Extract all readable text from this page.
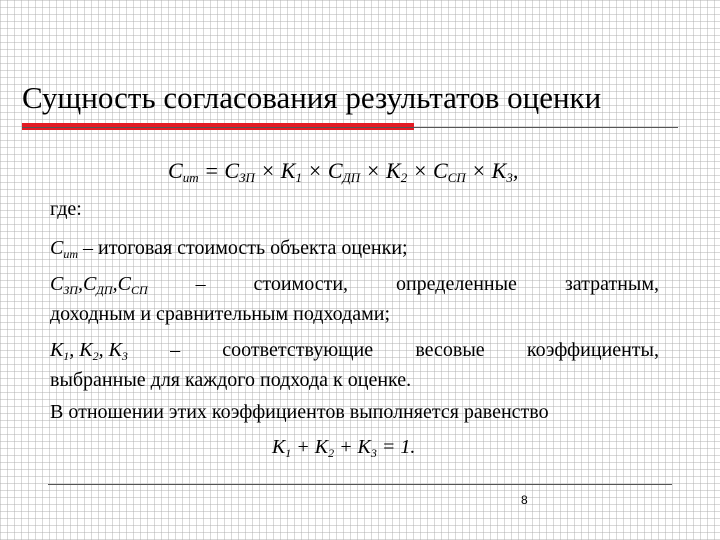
Сущность согласования результатов оценки
$C_{ит} = C_{ЗП} \times K_1 \times C_{ДП} \times K_2 \times C_{СП} \times K_3$,
где:
$С_{ит}$ – итоговая стоимость объекта оценки;
$С_{ЗП},С_{ДП},С_{СП}$ – стоимости, определенные затратным,
доходным и сравнительным подходами;
$К_1$, $К_2$, $К_3$ – соответствующие весовые коэффициенты,
выбранные для каждого подхода к оценке.
В отношении этих коэффициентов выполняется равенство
$К_1 + К_2 + К_3 = 1$.
8
